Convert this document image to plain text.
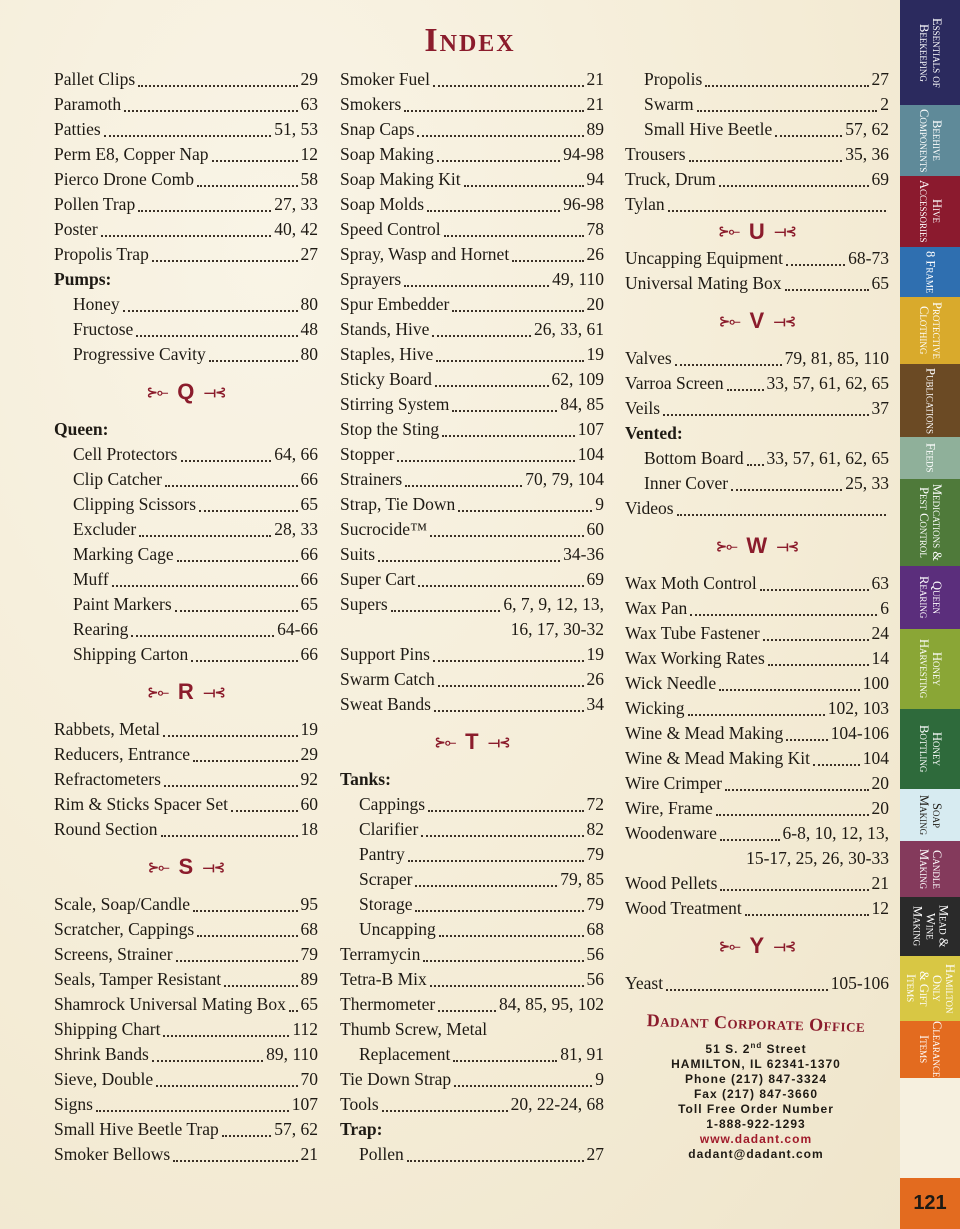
Index
Pallet Clips	29
Paramoth	63
Patties	51, 53
Perm E8, Copper Nap	12
Pierco Drone Comb	58
Pollen Trap	27, 33
Poster	40, 42
Propolis Trap	27
Pumps:
Honey	80
Fructose	48
Progressive Cavity	80
⊱⟜ Q ⟞⊰
Queen:
Cell Protectors	64, 66
Clip Catcher	66
Clipping Scissors	65
Excluder	28, 33
Marking Cage	66
Muff	66
Paint Markers	65
Rearing	64-66
Shipping Carton	66
⊱⟜ R ⟞⊰
Rabbets, Metal	19
Reducers, Entrance	29
Refractometers	92
Rim & Sticks Spacer Set	60
Round Section	18
⊱⟜ S ⟞⊰
Scale, Soap/Candle	95
Scratcher, Cappings	68
Screens, Strainer	79
Seals, Tamper Resistant	89
Shamrock Universal Mating Box 65
Shipping Chart	112
Shrink Bands	89, 110
Sieve, Double	70
Signs	107
Small Hive Beetle Trap	57, 62
Smoker Bellows	21
Smoker Fuel	21
Smokers	21
Snap Caps	89
Soap Making	94-98
Soap Making Kit	94
Soap Molds	96-98
Speed Control	78
Spray, Wasp and Hornet	26
Sprayers	49, 110
Spur Embedder	20
Stands, Hive	26, 33, 61
Staples, Hive	19
Sticky Board	62, 109
Stirring System	84, 85
Stop the Sting	107
Stopper	104
Strainers	70, 79, 104
Strap, Tie Down	9
Sucrocide™	60
Suits	34-36
Super Cart	69
Supers	6, 7, 9, 12, 13,
16, 17, 30-32
Support Pins	19
Swarm Catch	26
Sweat Bands	34
⊱⟜ T ⟞⊰
Tanks:
Cappings	72
Clarifier	82
Pantry	79
Scraper	79, 85
Storage	79
Uncapping	68
Terramycin	56
Tetra-B Mix	56
Thermometer	84, 85, 95, 102
Thumb Screw, Metal
Replacement	81, 91
Tie Down Strap	9
Tools	20, 22-24, 68
Trap:
Pollen	27
Propolis	27
Swarm	2
Small Hive Beetle	57, 62
Trousers	35, 36
Truck, Drum	69
Tylan
⊱⟜ U ⟞⊰
Uncapping Equipment	68-73
Universal Mating Box	65
⊱⟜ V ⟞⊰
Valves	79, 81, 85, 110
Varroa Screen 33, 57, 61, 62, 65
Veils	37
Vented:
Bottom Board 33, 57, 61, 62, 65
Inner Cover	25, 33
Videos
⊱⟜ W ⟞⊰
Wax Moth Control	63
Wax Pan	6
Wax Tube Fastener	24
Wax Working Rates	14
Wick Needle	100
Wicking	102, 103
Wine & Mead Making	104-106
Wine & Mead Making Kit	104
Wire Crimper	20
Wire, Frame	20
Woodenware	6-8, 10, 12, 13,
15-17, 25, 26, 30-33
Wood Pellets	21
Wood Treatment	12
⊱⟜ Y ⟞⊰
Yeast	105-106
Dadant Corporate Office
51 S. 2nd Street
HAMILTON, IL 62341-1370
Phone (217) 847-3324
Fax (217) 847-3660
Toll Free Order Number
1-888-922-1293
www.dadant.com
dadant@dadant.com
Essentials of
Beekeeping
Beehive
Components
Hive
Accessories
8 Frame
Protective
Clothing
Publications
Feeds
Medications &
Pest Control
Queen
Rearing
Honey
Harvesting
Honey
Bottling
Soap
Making
Candle
Making
Mead & Wine
Making
Hamilton Only
& Gift Items
Clearance
Items
121
